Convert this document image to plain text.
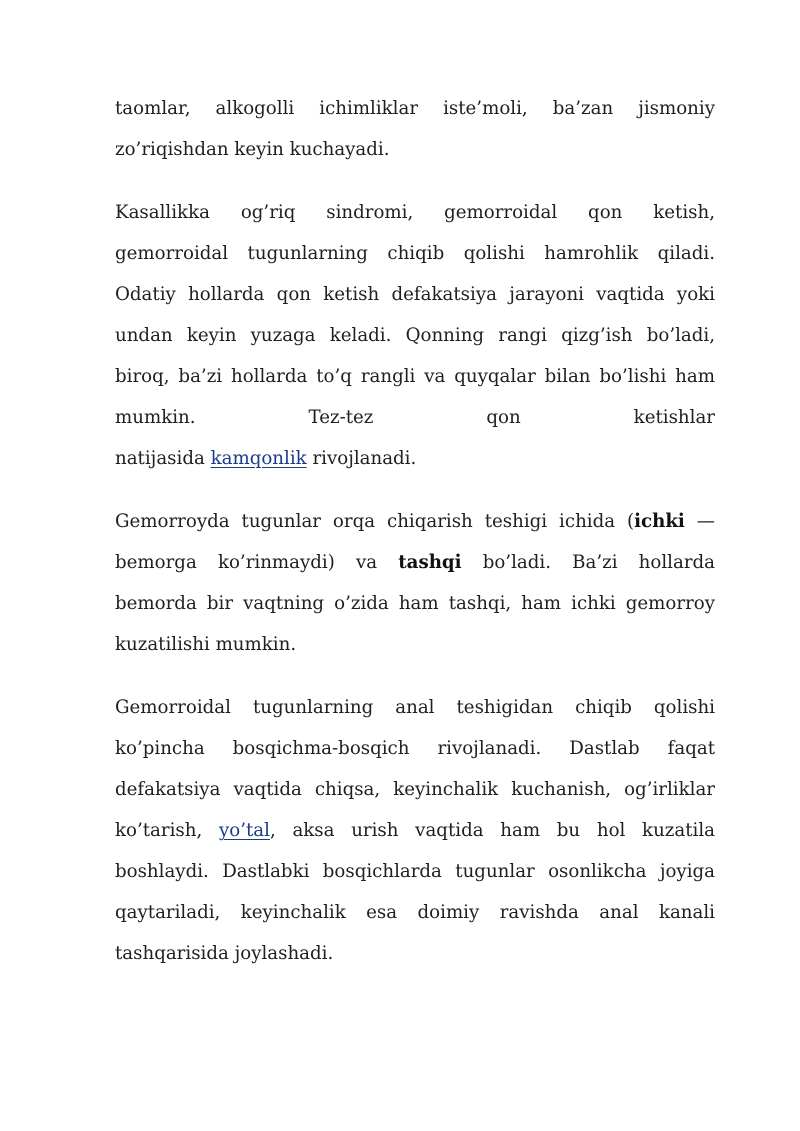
taomlar, alkogolli ichimliklar iste’moli, ba’zan jismoniy
zo’riqishdan keyin kuchayadi.

Kasallikka og’riq sindromi, gemorroidal qon ketish,
gemorroidal tugunlarning chiqib qolishi hamrohlik qiladi.
Odatiy hollarda qon ketish defakatsiya jarayoni vaqtida yoki
undan keyin yuzaga keladi. Qonning rangi qizg’ish bo’ladi,
biroq, ba’zi hollarda to’q rangli va quyqalar bilan bo’lishi ham
mumkin. Tez-tez qon ketishlar
natijasida kamqonlik rivojlanadi.

Gemorroyda tugunlar orqa chiqarish teshigi ichida (ichki —
bemorga ko’rinmaydi) va tashqi bo’ladi. Ba’zi hollarda
bemorda bir vaqtning o’zida ham tashqi, ham ichki gemorroy
kuzatilishi mumkin.

Gemorroidal tugunlarning anal teshigidan chiqib qolishi
ko’pincha bosqichma-bosqich rivojlanadi. Dastlab faqat
defakatsiya vaqtida chiqsa, keyinchalik kuchanish, og’irliklar
ko’tarish, yo’tal, aksa urish vaqtida ham bu hol kuzatila
boshlaydi. Dastlabki bosqichlarda tugunlar osonlikcha joyiga
qaytariladi, keyinchalik esa doimiy ravishda anal kanali
tashqarisida joylashadi.
